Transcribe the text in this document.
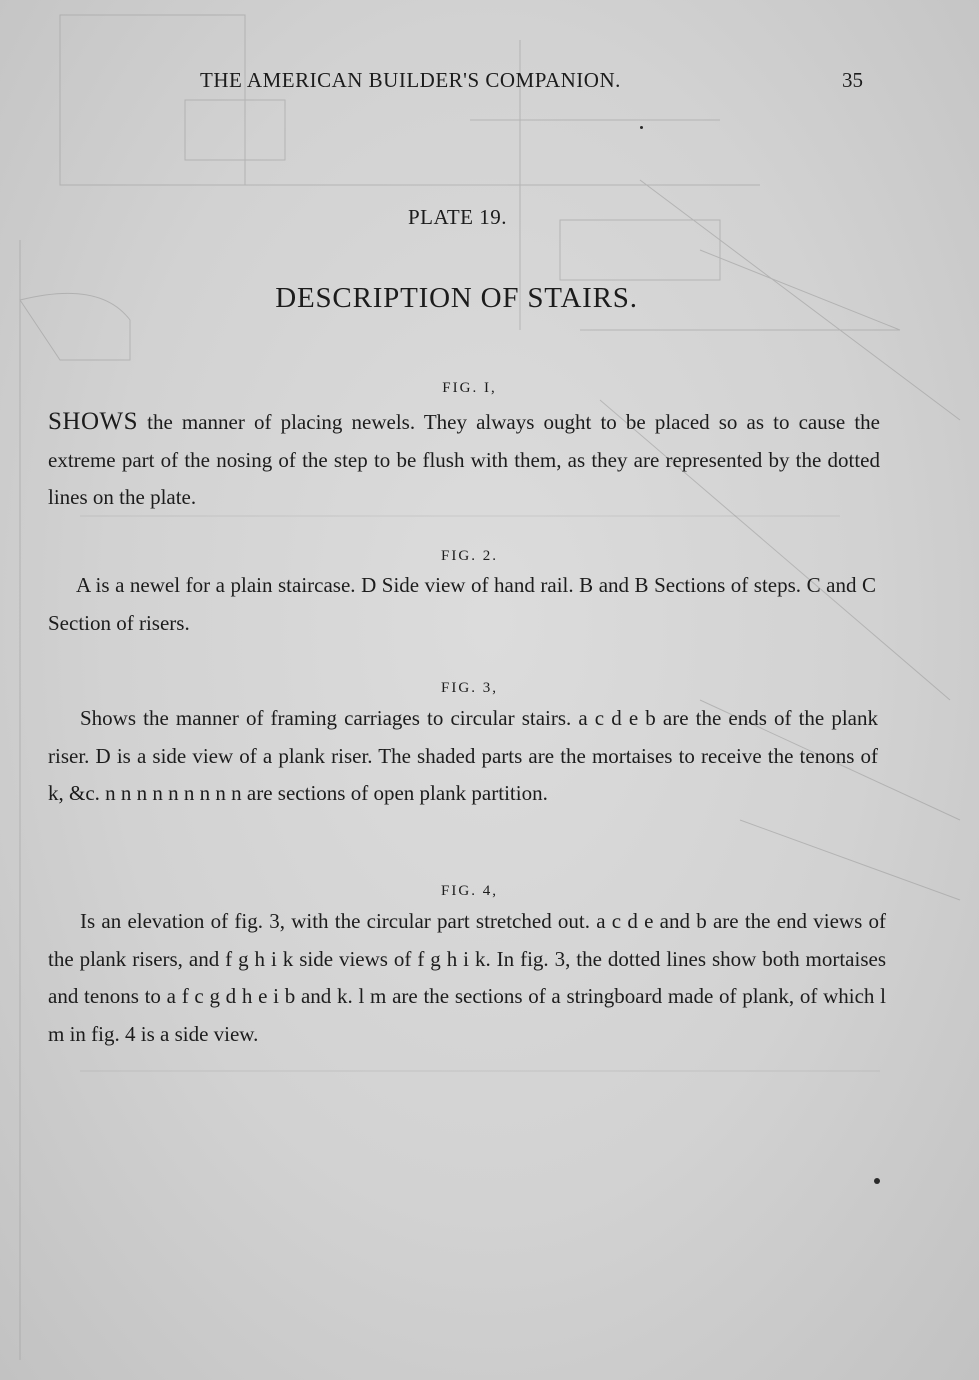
THE AMERICAN BUILDER'S COMPANION.	35
PLATE 19.
DESCRIPTION OF STAIRS.
FIG. I,
SHOWS the manner of placing newels. They always ought to be placed so as to cause the extreme part of the nosing of the step to be flush with them, as they are represented by the dotted lines on the plate.
FIG. 2.
A is a newel for a plain staircase. D Side view of hand rail. B and B Sections of steps. C and C Section of risers.
FIG. 3,
Shows the manner of framing carriages to circular stairs. a c d e b are the ends of the plank riser. D is a side view of a plank riser. The shaded parts are the mortaises to receive the tenons of k, &c. n n n n n n n n n are sections of open plank partition.
FIG. 4,
Is an elevation of fig. 3, with the circular part stretched out. a c d e and b are the end views of the plank risers, and f g h i k side views of f g h i k. In fig. 3, the dotted lines show both mortaises and tenons to a f c g d h e i b and k. l m are the sections of a stringboard made of plank, of which l m in fig. 4 is a side view.
